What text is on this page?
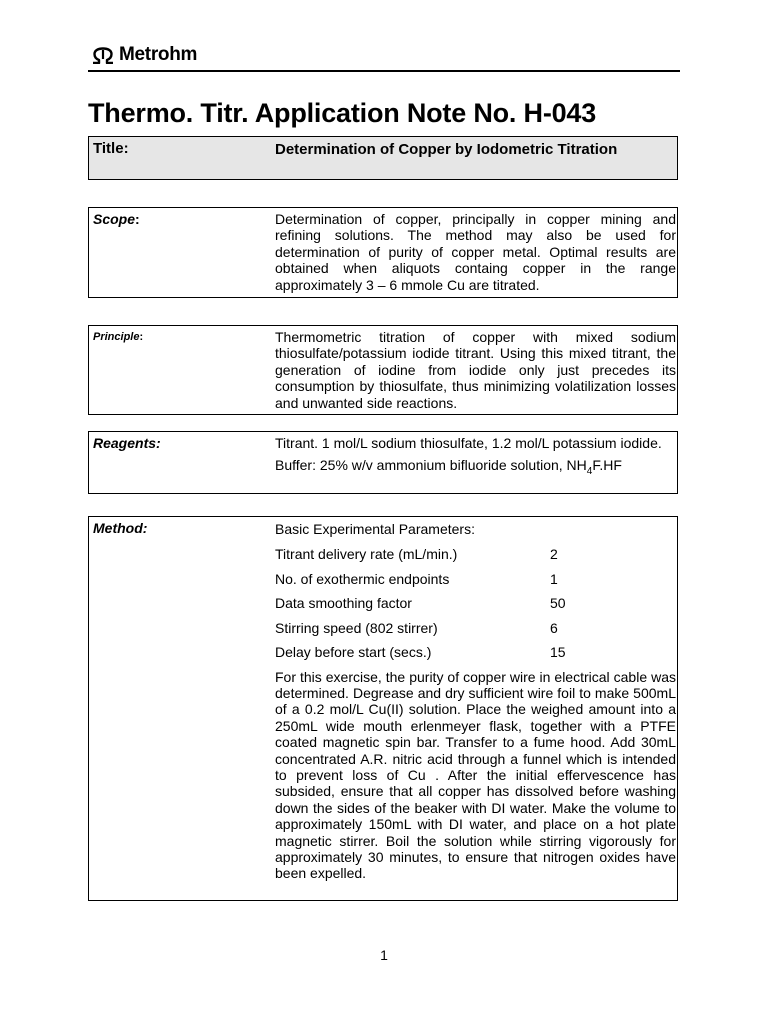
Metrohm
Thermo. Titr. Application Note No. H-043
Title:	Determination of Copper by Iodometric Titration
Scope:	Determination of copper, principally in copper mining and refining solutions. The method may also be used for determination of purity of copper metal. Optimal results are obtained when aliquots containg copper in the range approximately 3 – 6 mmole Cu are titrated.
Principle:	Thermometric titration of copper with mixed sodium thiosulfate/potassium iodide titrant. Using this mixed titrant, the generation of iodine from iodide only just precedes its consumption by thiosulfate, thus minimizing volatilization losses and unwanted side reactions.
Reagents:	Titrant. 1 mol/L sodium thiosulfate, 1.2 mol/L potassium iodide.

Buffer: 25% w/v ammonium bifluoride solution, $NH_4F.HF$

Method:	Basic Experimental Parameters:
Titrant delivery rate (mL/min.)	2
No. of exothermic endpoints	1
Data smoothing factor	50
Stirring speed (802 stirrer)	6
Delay before start (secs.)	15

For this exercise, the purity of copper wire in electrical cable was determined. Degrease and dry sufficient wire foil to make 500mL of a 0.2 mol/L Cu(II) solution. Place the weighed amount into a 250mL wide mouth erlenmeyer flask, together with a PTFE coated magnetic spin bar. Transfer to a fume hood. Add 30mL concentrated A.R. nitric acid through a funnel which is intended to prevent loss of Cu . After the initial effervescence has subsided, ensure that all copper has dissolved before washing down the sides of the beaker with DI water. Make the volume to approximately 150mL with DI water, and place on a hot plate magnetic stirrer. Boil the solution while stirring vigorously for approximately 30 minutes, to ensure that nitrogen oxides have been expelled.

1
